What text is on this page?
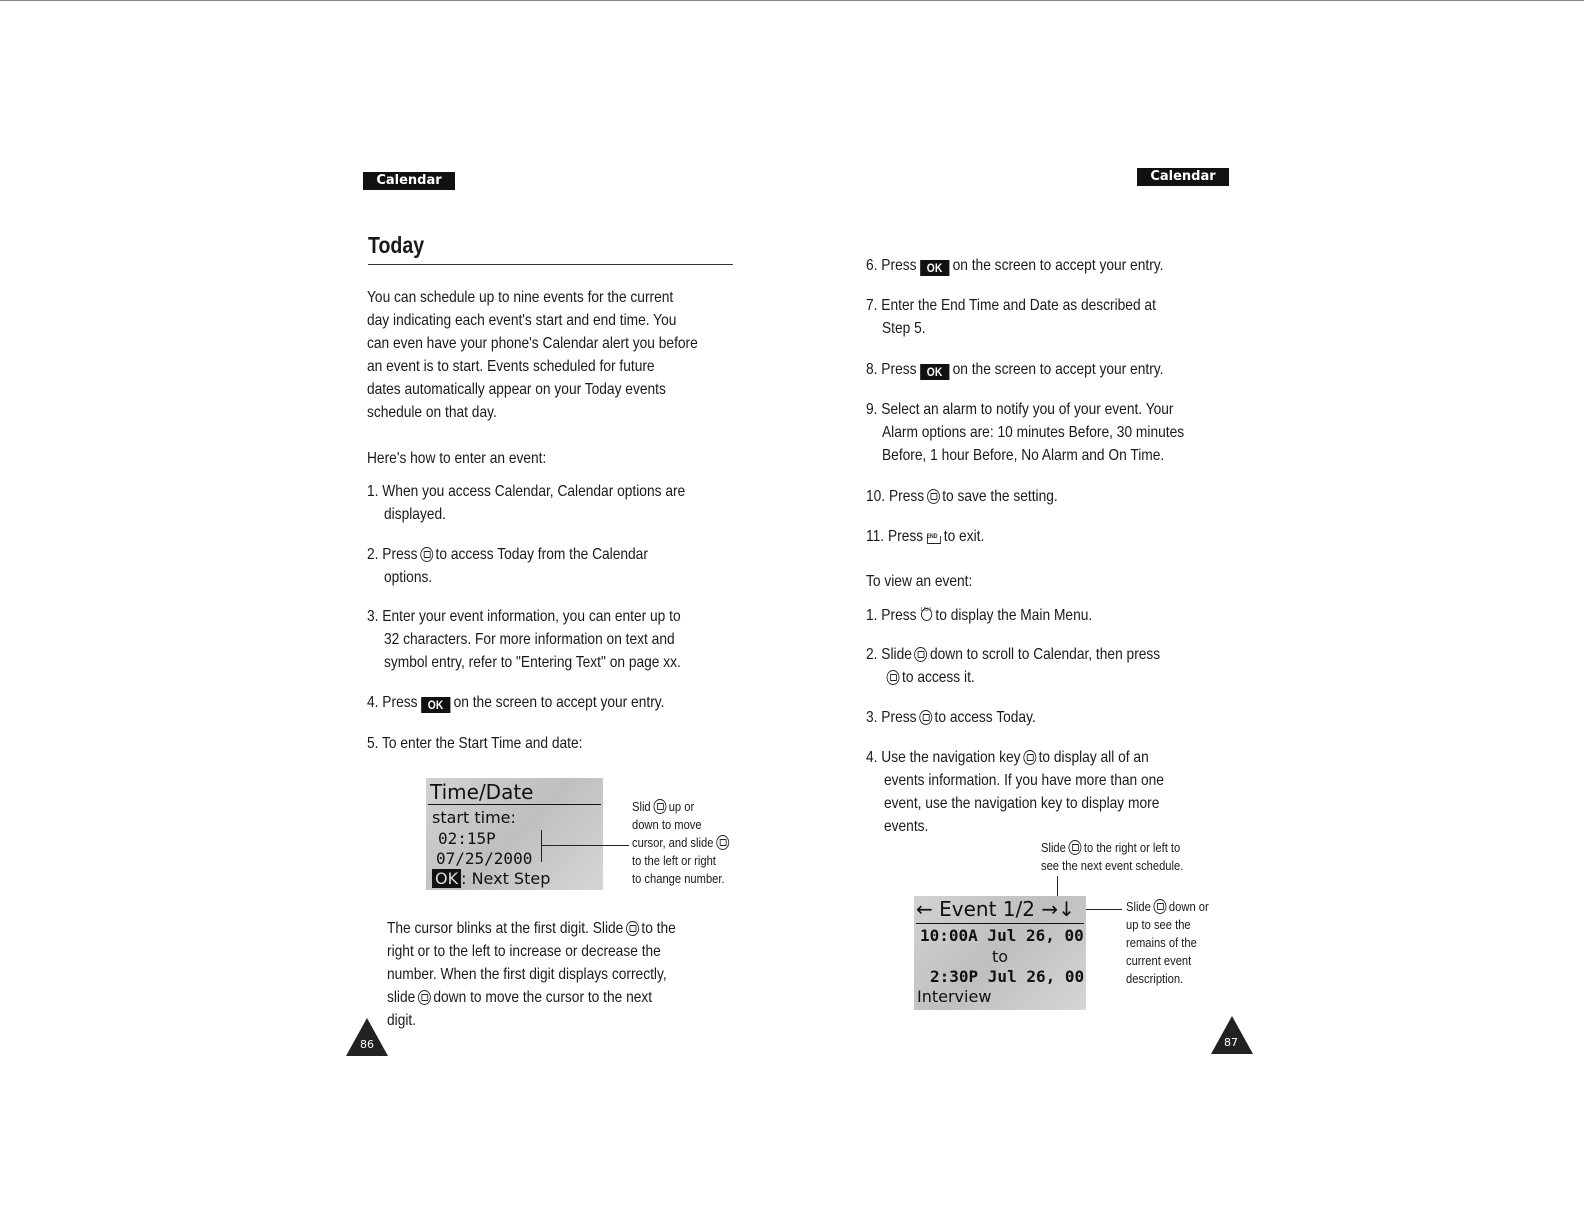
Calendar
Today
You can schedule up to nine events for the current
day indicating each event's start and end time. You
can even have your phone's Calendar alert you before
an event is to start. Events scheduled for future
dates automatically appear on your Today events
schedule on that day.
Here's how to enter an event:
1. When you access Calendar, Calendar options are
displayed.
2. Press to access Today from the Calendar
options.
3. Enter your event information, you can enter up to
32 characters. For more information on text and
symbol entry, refer to "Entering Text" on page xx.
4. Press OK on the screen to accept your entry.
5. To enter the Start Time and date:
Time/Date
start time:
02:15P
07/25/2000
OK : Next Step
Slid up or
down to move
cursor, and slide
to the left or right
to change number.
The cursor blinks at the first digit. Slide to the
right or to the left to increase or decrease the
number. When the first digit displays correctly,
slide down to move the cursor to the next
digit.
86
Calendar
6. Press OK on the screen to accept your entry.
7. Enter the End Time and Date as described at
Step 5.
8. Press OK on the screen to accept your entry.
9. Select an alarm to notify you of your event. Your
Alarm options are: 10 minutes Before, 30 minutes
Before, 1 hour Before, No Alarm and On Time.
10. Press to save the setting.
11. Press END to exit.
To view an event:
1. Press LIST to display the Main Menu.
2. Slide down to scroll to Calendar, then press
to access it.
3. Press to access Today.
4. Use the navigation key to display all of an
events information. If you have more than one
event, use the navigation key to display more
events.
Slide to the right or left to
see the next event schedule.
← Event 1/2 →↓
10:00A Jul 26, 00
to
2:30P Jul 26, 00
Interview
Slide down or
up to see the
remains of the
current event
description.
87
